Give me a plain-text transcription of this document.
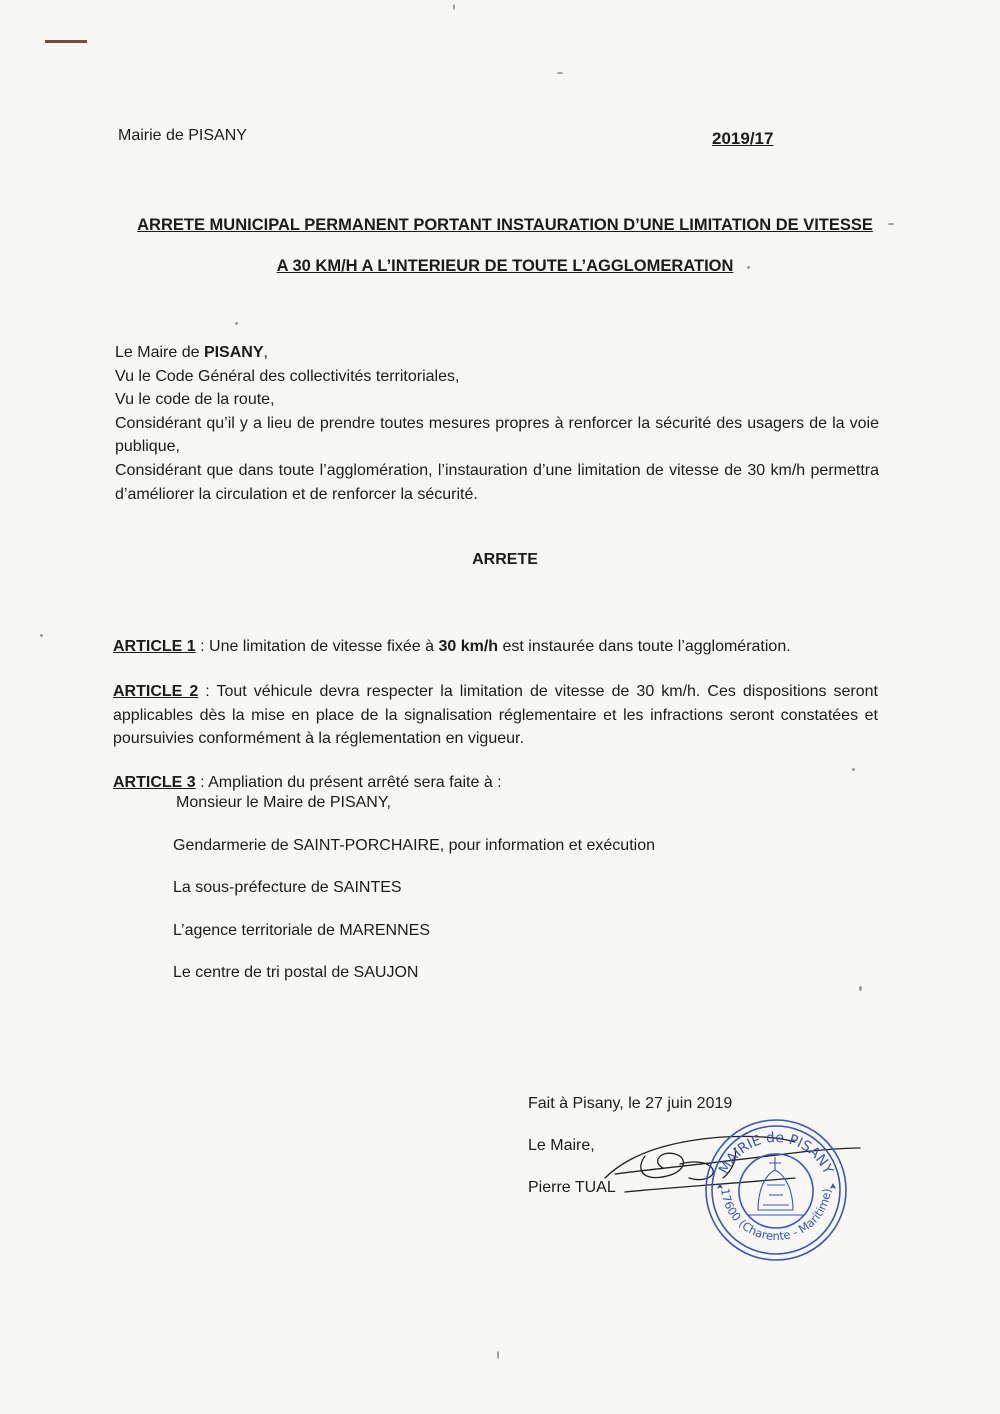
Mairie de PISANY	2019/17
ARRETE MUNICIPAL PERMANENT PORTANT INSTAURATION D’UNE LIMITATION DE VITESSE
A 30 KM/H A L’INTERIEUR DE TOUTE L’AGGLOMERATION
Le Maire de PISANY,
Vu le Code Général des collectivités territoriales,
Vu le code de la route,
Considérant qu’il y a lieu de prendre toutes mesures propres à renforcer la sécurité des usagers de la voie publique,
Considérant que dans toute l’agglomération, l’instauration d’une limitation de vitesse de 30 km/h permettra d’améliorer la circulation et de renforcer la sécurité.
ARRETE
ARTICLE 1 : Une limitation de vitesse fixée à 30 km/h est instaurée dans toute l’agglomération.
ARTICLE 2 : Tout véhicule devra respecter la limitation de vitesse de 30 km/h. Ces dispositions seront applicables dès la mise en place de la signalisation réglementaire et les infractions seront constatées et poursuivies conformément à la réglementation en vigueur.
ARTICLE 3 : Ampliation du présent arrêté sera faite à :
Monsieur le Maire de PISANY,
Gendarmerie de SAINT-PORCHAIRE, pour information et exécution
La sous-préfecture de SAINTES
L’agence territoriale de MARENNES
Le centre de tri postal de SAUJON
Fait à Pisany, le 27 juin 2019
Le Maire,
Pierre TUAL
MAIRIE de PISANY
17600 (Charente - Maritime)
